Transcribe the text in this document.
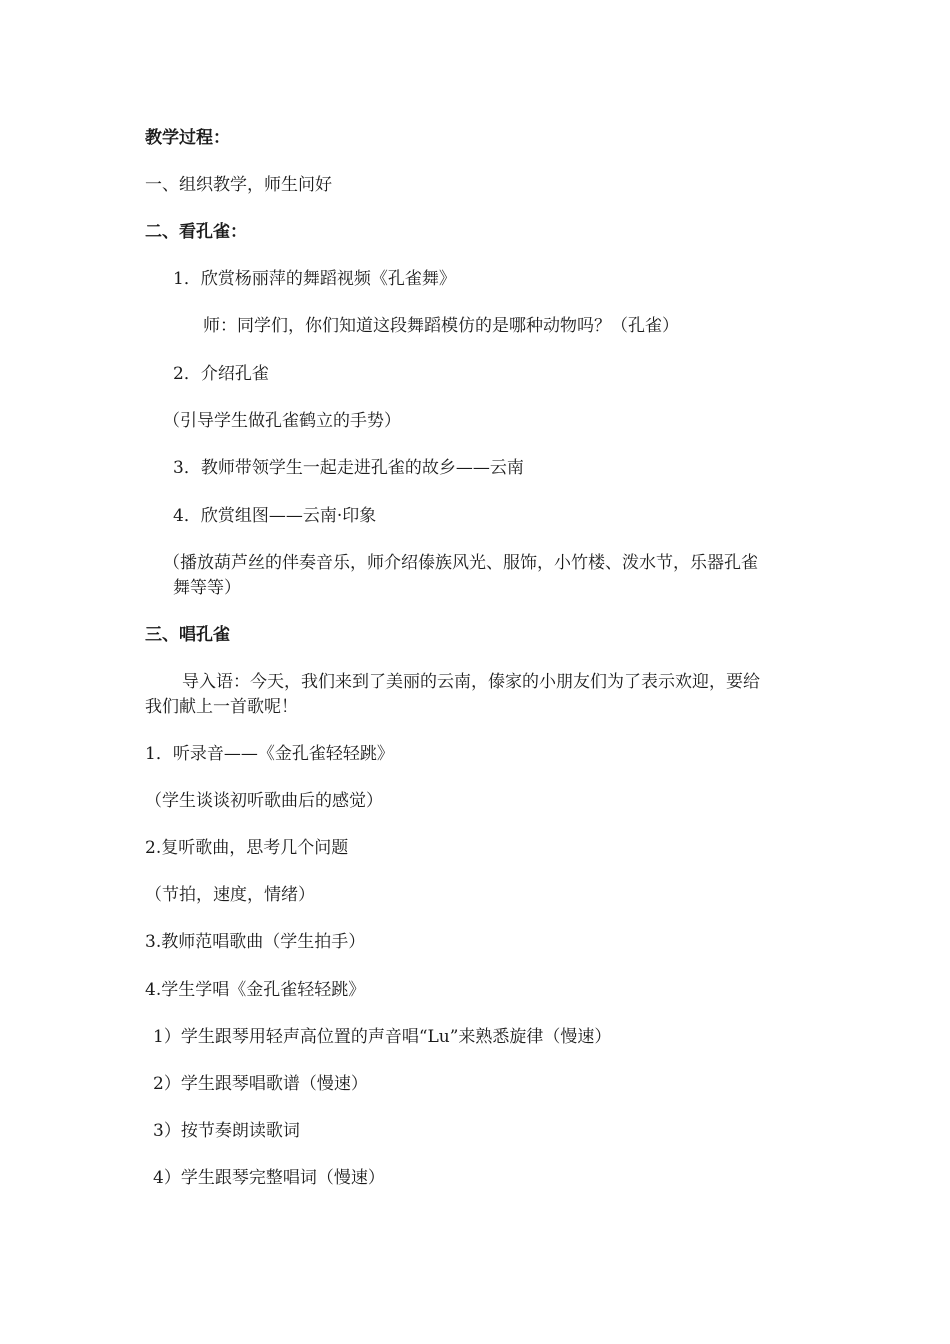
教学过程：
一、组织教学，师生问好
二、看孔雀：
1．欣赏杨丽萍的舞蹈视频《孔雀舞》
师：同学们，你们知道这段舞蹈模仿的是哪种动物吗？（孔雀）
2．介绍孔雀
（引导学生做孔雀鹤立的手势）
3．教师带领学生一起走进孔雀的故乡——云南
4．欣赏组图——云南·印象
（播放葫芦丝的伴奏音乐，师介绍傣族风光、服饰，小竹楼、泼水节，乐器孔雀
舞等等）
三、唱孔雀
导入语：今天，我们来到了美丽的云南，傣家的小朋友们为了表示欢迎，要给
我们献上一首歌呢！
1．听录音——《金孔雀轻轻跳》
（学生谈谈初听歌曲后的感觉）
2.复听歌曲，思考几个问题
（节拍，速度，情绪）
3.教师范唱歌曲（学生拍手）
4.学生学唱《金孔雀轻轻跳》
1）学生跟琴用轻声高位置的声音唱“Lu”来熟悉旋律（慢速）
2）学生跟琴唱歌谱（慢速）
3）按节奏朗读歌词
4）学生跟琴完整唱词（慢速）
